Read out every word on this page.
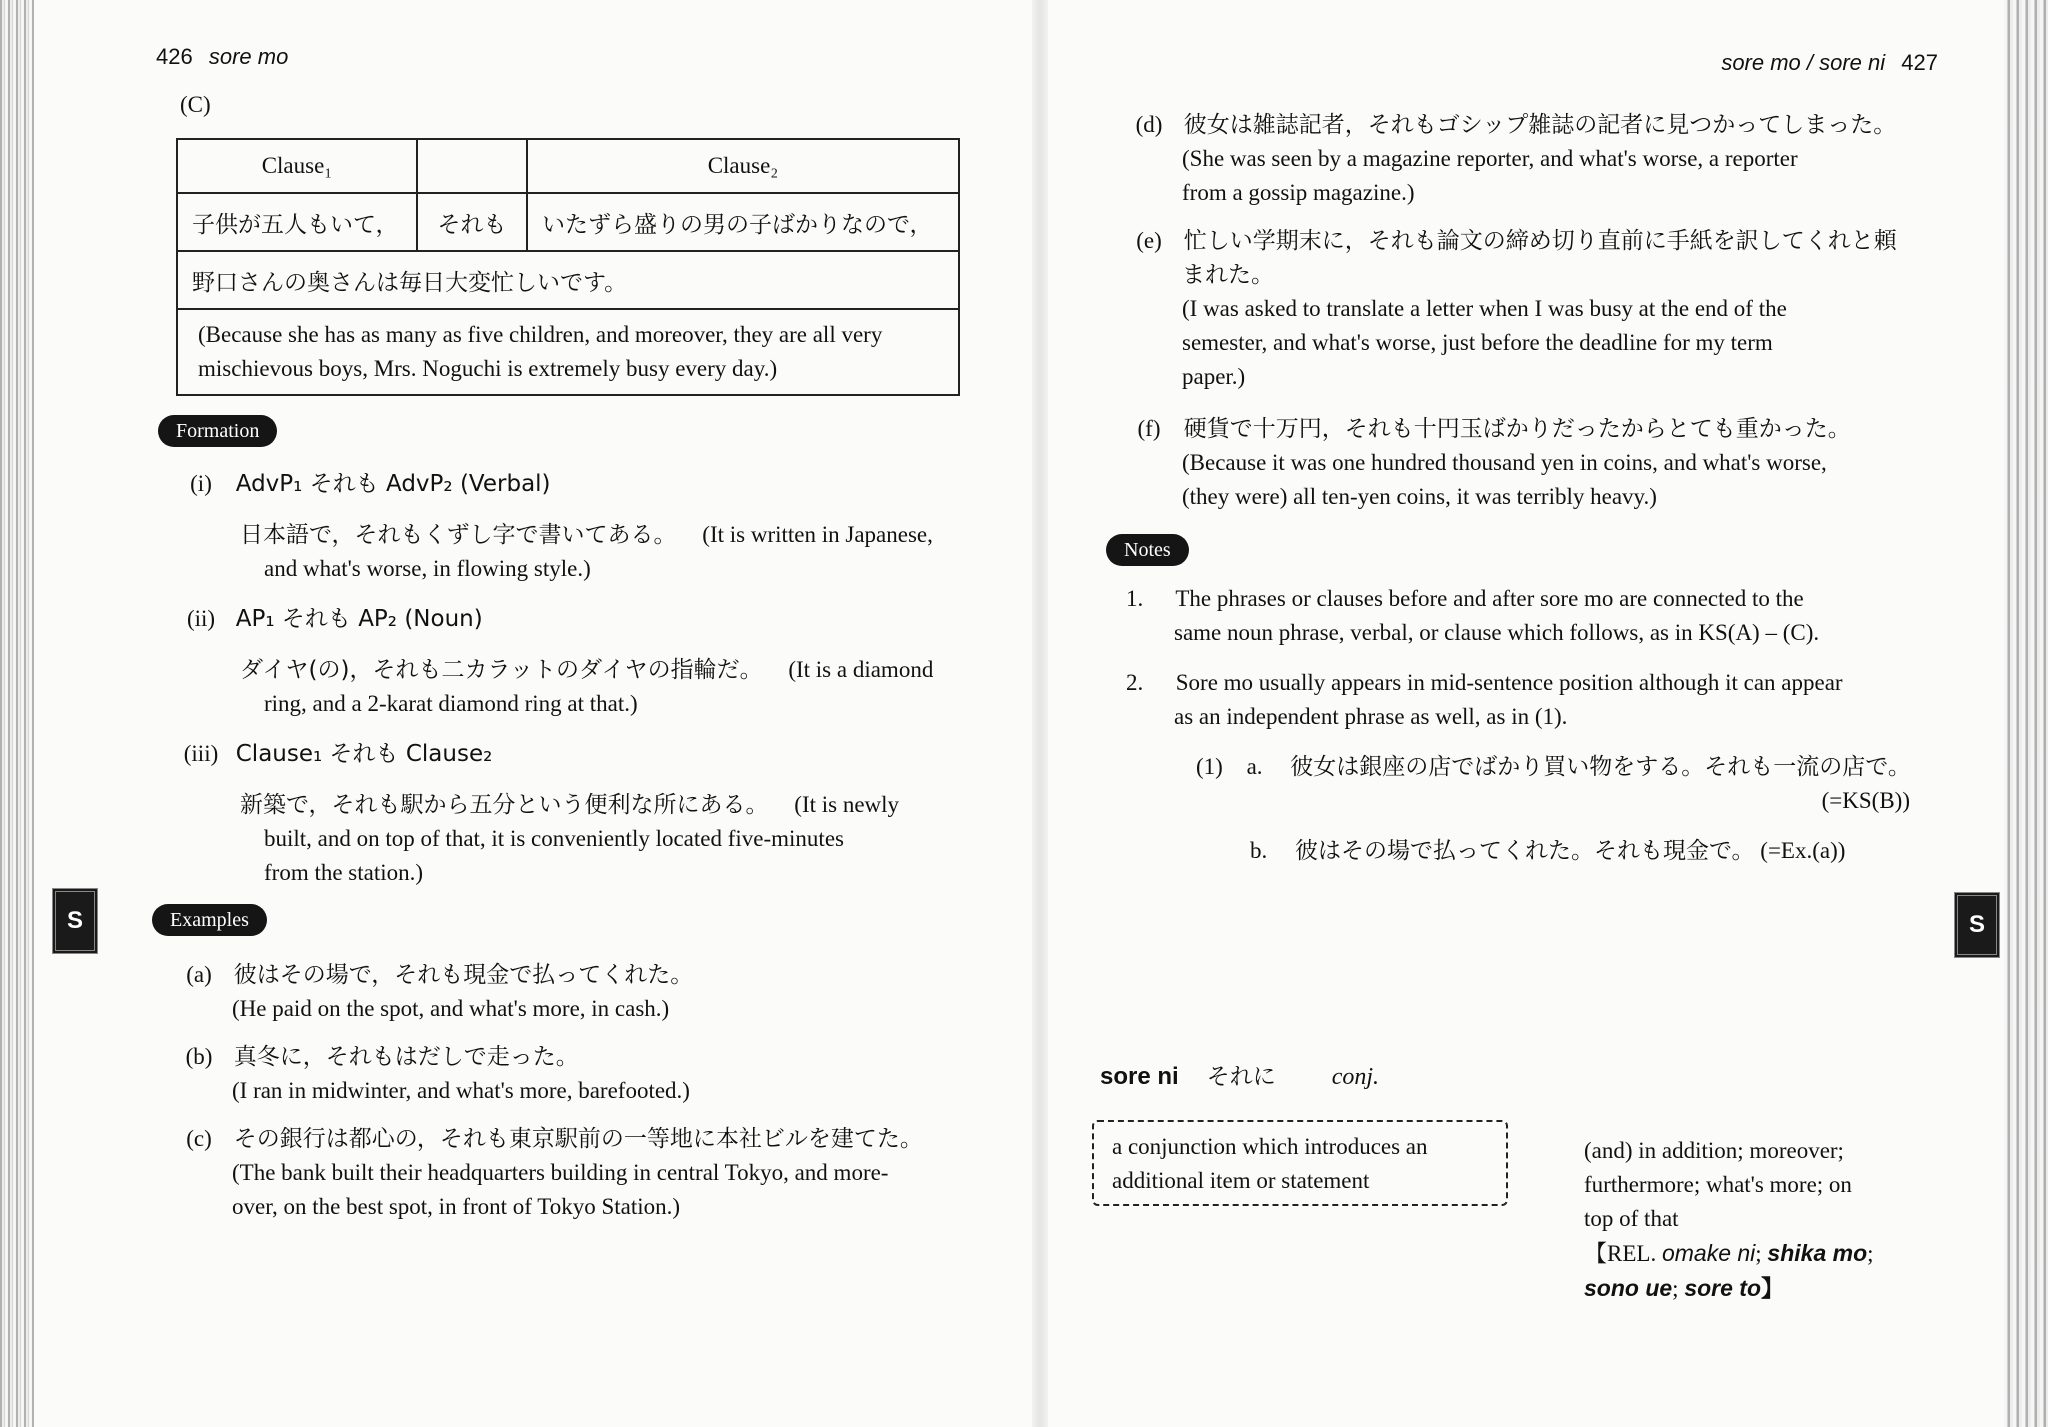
426 sore mo
(C)
Clause₁		Clause₂
子供が五人もいて，	それも	いたずら盛りの男の子ばかりなので，
野口さんの奥さんは毎日大変忙しいです。		
(Because she has as many as five children, and moreover, they are all very mischievous boys, Mrs. Noguchi is extremely busy every day.)		
Formation
(i) AdvP₁ それも AdvP₂ (Verbal)
日本語で，それもくずし字で書いてある。 (It is written in Japanese,
and what's worse, in flowing style.)
(ii) AP₁ それも AP₂ (Noun)
ダイヤ(の)，それも二カラットのダイヤの指輪だ。 (It is a diamond
ring, and a 2-karat diamond ring at that.)
(iii) Clause₁ それも Clause₂
新築で，それも駅から五分という便利な所にある。 (It is newly
built, and on top of that, it is conveniently located five-minutes
from the station.)
S	Examples
(a) 彼はその場で，それも現金で払ってくれた。
(He paid on the spot, and what's more, in cash.)
(b) 真冬に，それもはだしで走った。
(I ran in midwinter, and what's more, barefooted.)
(c) その銀行は都心の，それも東京駅前の一等地に本社ビルを建てた。
(The bank built their headquarters building in central Tokyo, and more-
over, on the best spot, in front of Tokyo Station.)
sore mo / sore ni 427
(d) 彼女は雑誌記者，それもゴシップ雑誌の記者に見つかってしまった。
(She was seen by a magazine reporter, and what's worse, a reporter
from a gossip magazine.)
(e) 忙しい学期末に，それも論文の締め切り直前に手紙を訳してくれと頼
まれた。
(I was asked to translate a letter when I was busy at the end of the
semester, and what's worse, just before the deadline for my term
paper.)
(f) 硬貨で十万円，それも十円玉ばかりだったからとても重かった。
(Because it was one hundred thousand yen in coins, and what's worse,
(they were) all ten-yen coins, it was terribly heavy.)
Notes
1. The phrases or clauses before and after sore mo are connected to the
same noun phrase, verbal, or clause which follows, as in KS(A) – (C).
2. Sore mo usually appears in mid-sentence position although it can appear
as an independent phrase as well, as in (1).
(1) a. 彼女は銀座の店でばかり買い物をする。それも一流の店で。

(=KS(B))
b. 彼はその場で払ってくれた。それも現金で。 (=Ex.(a))
S
sore ni それに conj.
a conjunction which introduces an
additional item or statement
(and) in addition; moreover;
furthermore; what's more; on
top of that
【REL. omake ni; shika mo;
sono ue; sore to】
